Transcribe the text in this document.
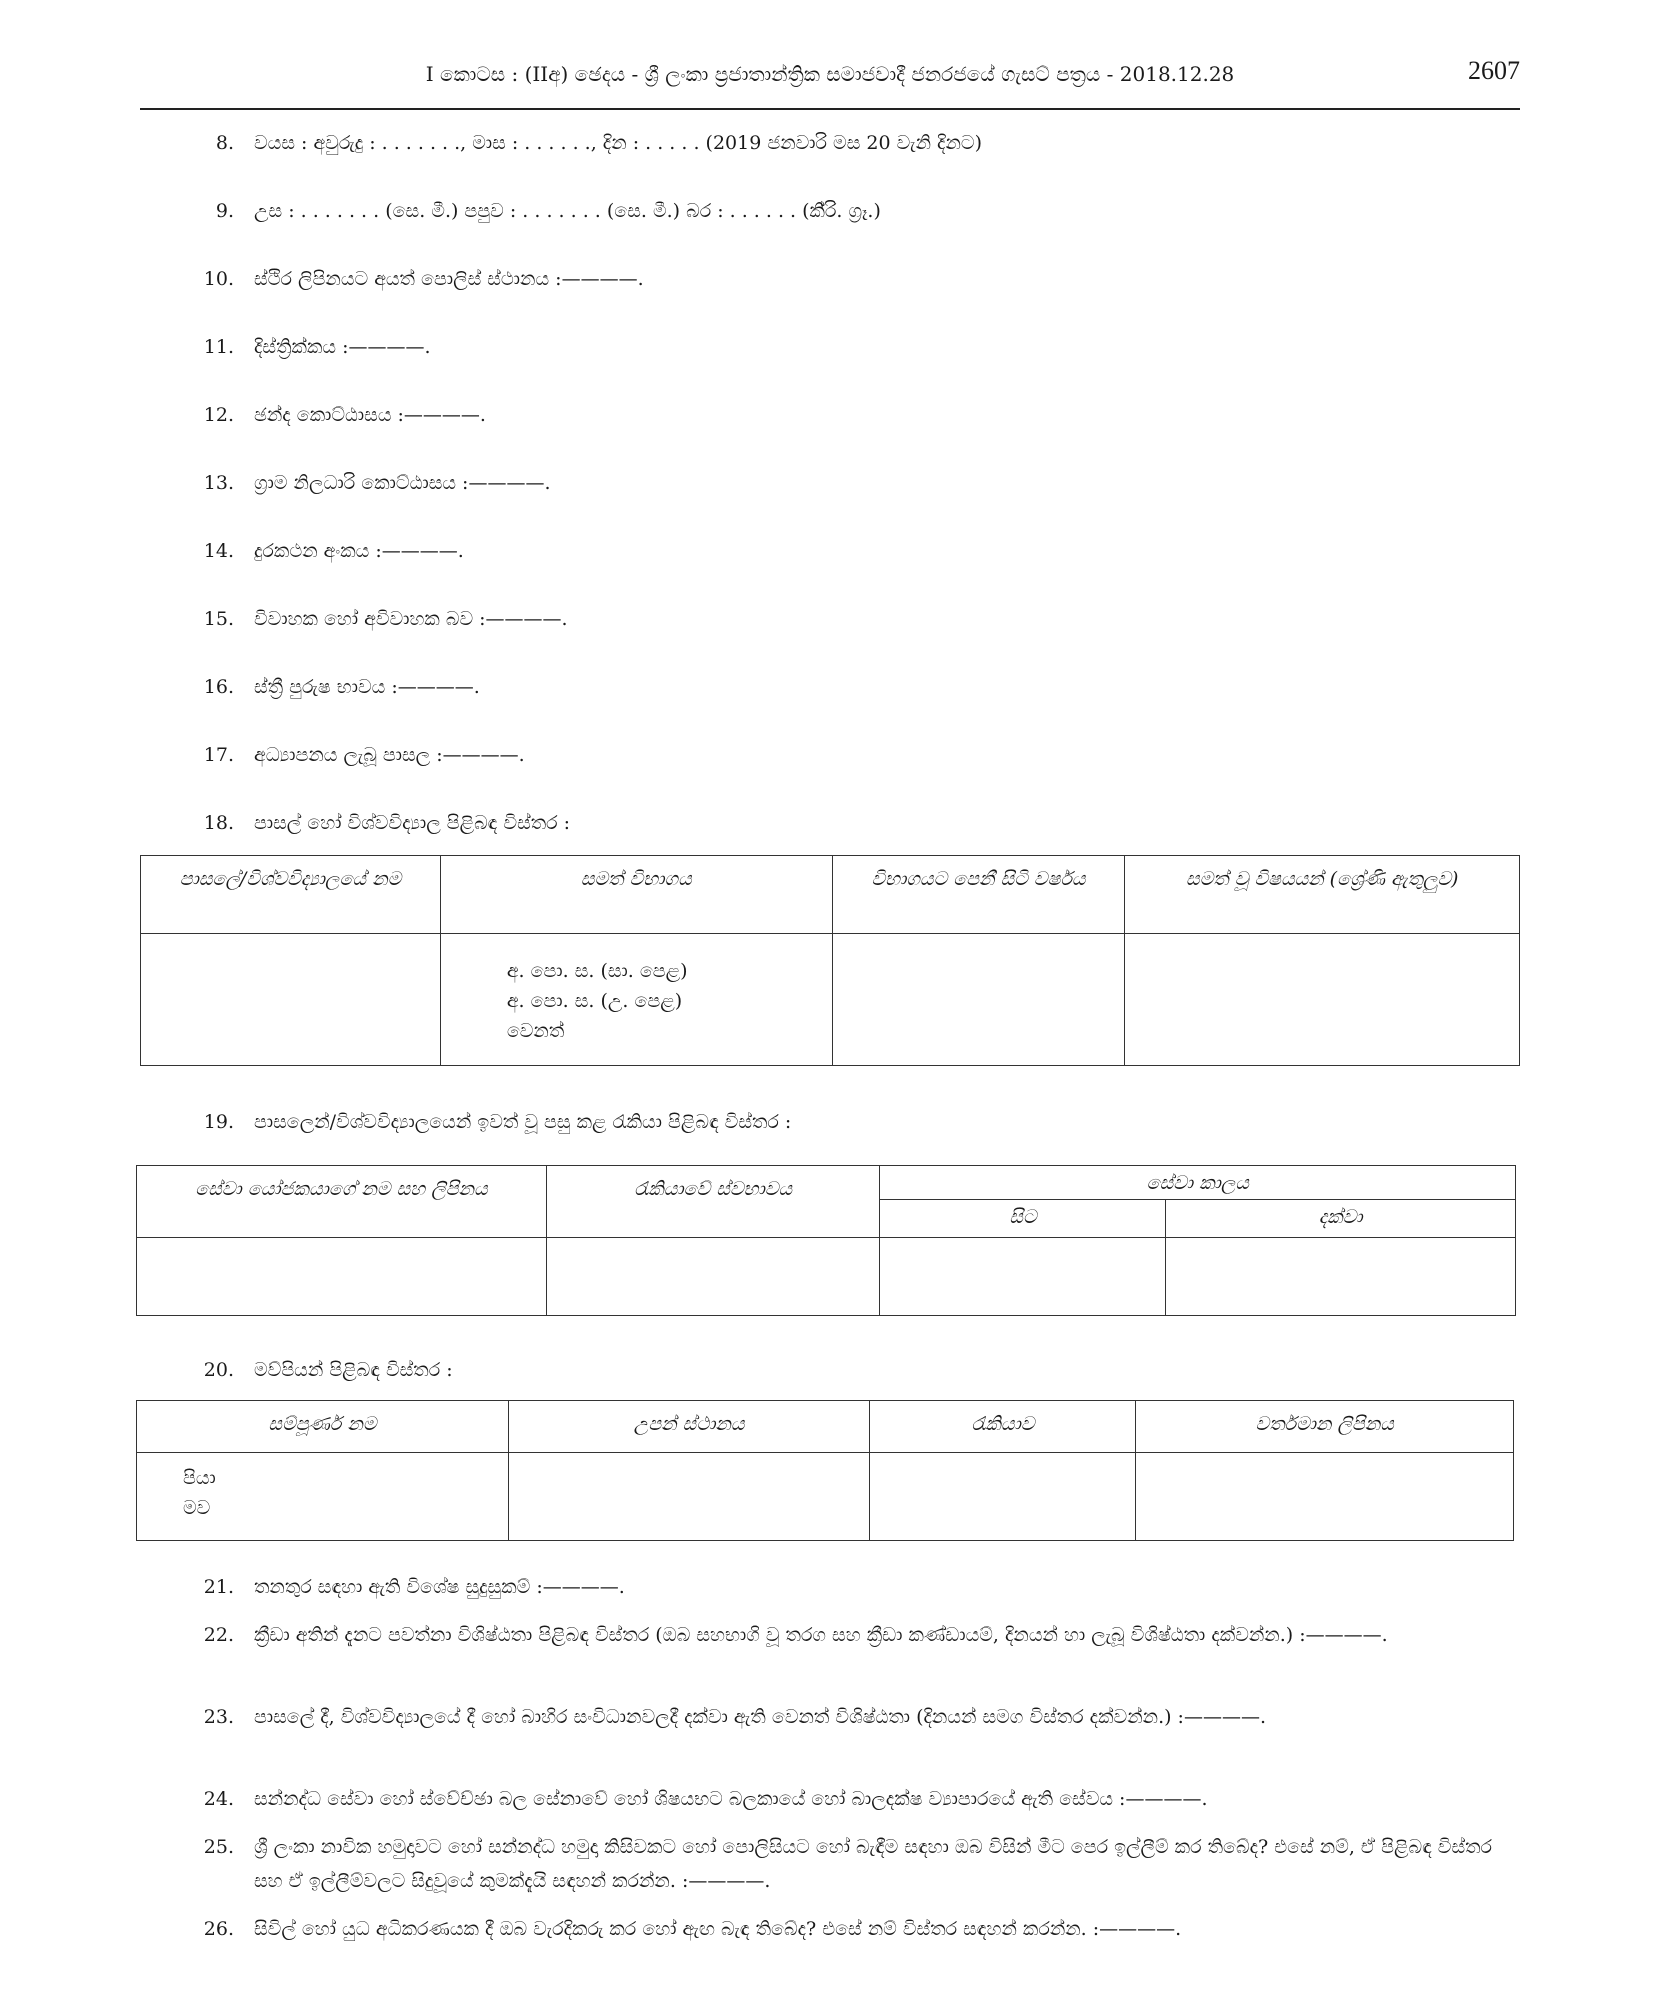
I කොටස : (IIඅ) ඡෙදය - ශ්‍රී ලංකා ප්‍රජාතාන්ත්‍රික සමාජවාදී ජනරජයේ ගැසට් පත්‍රය - 2018.12.28	2607
8. වයස : අවුරුදු : . . . . . . ., මාස : . . . . . ., දින : . . . . . (2019 ජනවාරි මස 20 වැනි දිනට)
9. උස : . . . . . . . (සෙ. මී.) පපුව : . . . . . . . (සෙ. මී.) බර : . . . . . . (කි්‍රි. ග්‍රෑ.)
10. ස්ථිර ලිපිනයට අයත් පොලිස් ස්ථානය :————.
11. දිස්ත්‍රික්කය :————.
12. ඡන්ද කොට්ඨාසය :————.
13. ග්‍රාම නිලධාරි කොට්ඨාසය :————.
14. දුරකථන අංකය :————.
15. විවාහක හෝ අවිවාහක බව :————.
16. ස්ත්‍රී පුරුෂ භාවය :————.
17. අධ්‍යාපනය ලැබූ පාසල :————.
18. පාසල් හෝ විශ්වවිද්‍යාල පිළිබඳ විස්තර :
පාසලේ/විශ්වවිද්‍යාලයේ නම	සමත් විභාගය	විභාගයට පෙනී සිටි වර්ෂය	සමත් වූ විෂයයන් (ශ්‍රේණි ඇතුලුව)

	අ. පො. ස. (සා. පෙළ)
අ. පො. ස. (උ. පෙළ)
වෙනත්		

19. පාසලෙන්/විශ්වවිද්‍යාලයෙන් ඉවත් වූ පසු කළ රැකියා පිළිබඳ විස්තර :
සේවා යෝජකයාගේ නම සහ ලිපිනය	රැකියාවේ ස්වභාවය	සේවා කාලය	
		සිට	දක්වා

20. මව්පියන් පිළිබඳ විස්තර :
සම්පූර්ණ නම	උපන් ස්ථානය	රැකියාව	වර්තමාන ලිපිනය

පියා
මව			

21. තනතුර සඳහා ඇති විශේෂ සුදුසුකම් :————.
22. ක්‍රීඩා අතින් දැනට පවත්නා විශිෂ්ඨතා පිළිබඳ විස්තර (ඔබ සහභාගි වූ තරග සහ ක්‍රීඩා කණ්ඩායම්, දිනයන් හා ලැබූ විශිෂ්ඨතා දක්වන්න.) :————.
23. පාසලේ දී, විශ්වවිද්‍යාලයේ දී හෝ බාහිර සංවිධානවලදී දක්වා ඇති වෙනත් විශිෂ්ඨතා (දිනයන් සමග විස්තර දක්වන්න.) :————.
24. සන්නද්ධ සේවා හෝ ස්වේච්ඡා බල සේනාවේ හෝ ශිෂයභට බලකායේ හෝ බාලදක්ෂ ව්‍යාපාරයේ ඇති සේවය :————.
25. ශ්‍රී ලංකා නාවික හමුදාවට හෝ සන්නද්ධ හමුදා කිසිවකට හෝ පොලිසියට හෝ බැඳීම සඳහා ඔබ විසින් මීට පෙර ඉල්ලීම් කර තිබේද? එසේ නම්, ඒ පිළිබඳ විස්තර සහ ඒ ඉල්ලීම්වලට සිදුවූයේ කුමක්දැයි සඳහන් කරන්න. :————.
26. සිවිල් හෝ යුධ අධිකරණයක දී ඔබ වැරදිකරු කර හෝ ඇඟ බැඳ තිබේද? එසේ නම් විස්තර සඳහන් කරන්න. :————.
